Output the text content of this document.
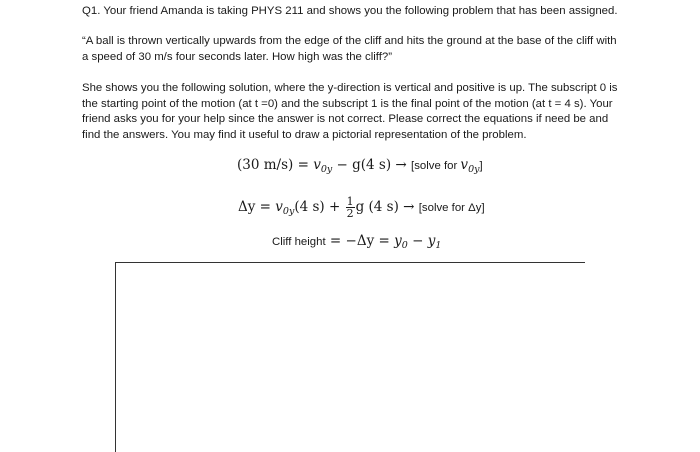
Q1. Your friend Amanda is taking PHYS 211 and shows you the following problem that has been assigned.

“A ball is thrown vertically upwards from the edge of the cliff and hits the ground at the base of the cliff with a speed of 30 m/s four seconds later. How high was the cliff?”

She shows you the following solution, where the y-direction is vertical and positive is up. The subscript 0 is the starting point of the motion (at t =0) and the subscript 1 is the final point of the motion (at t = 4 s). Your friend asks you for your help since the answer is not correct. Please correct the equations if need be and find the answers. You may find it useful to draw a pictorial representation of the problem.

(30 $m/s) = v_{0y} - g(4$ s) → [solve for $v_{0y}$]
$\Delta y = v_{0y}(4$ $s) + \frac{1}{2}$ g (4 s) → [solve for Δy]
Cliff height = $-\Delta y = y_0 - y_1$
